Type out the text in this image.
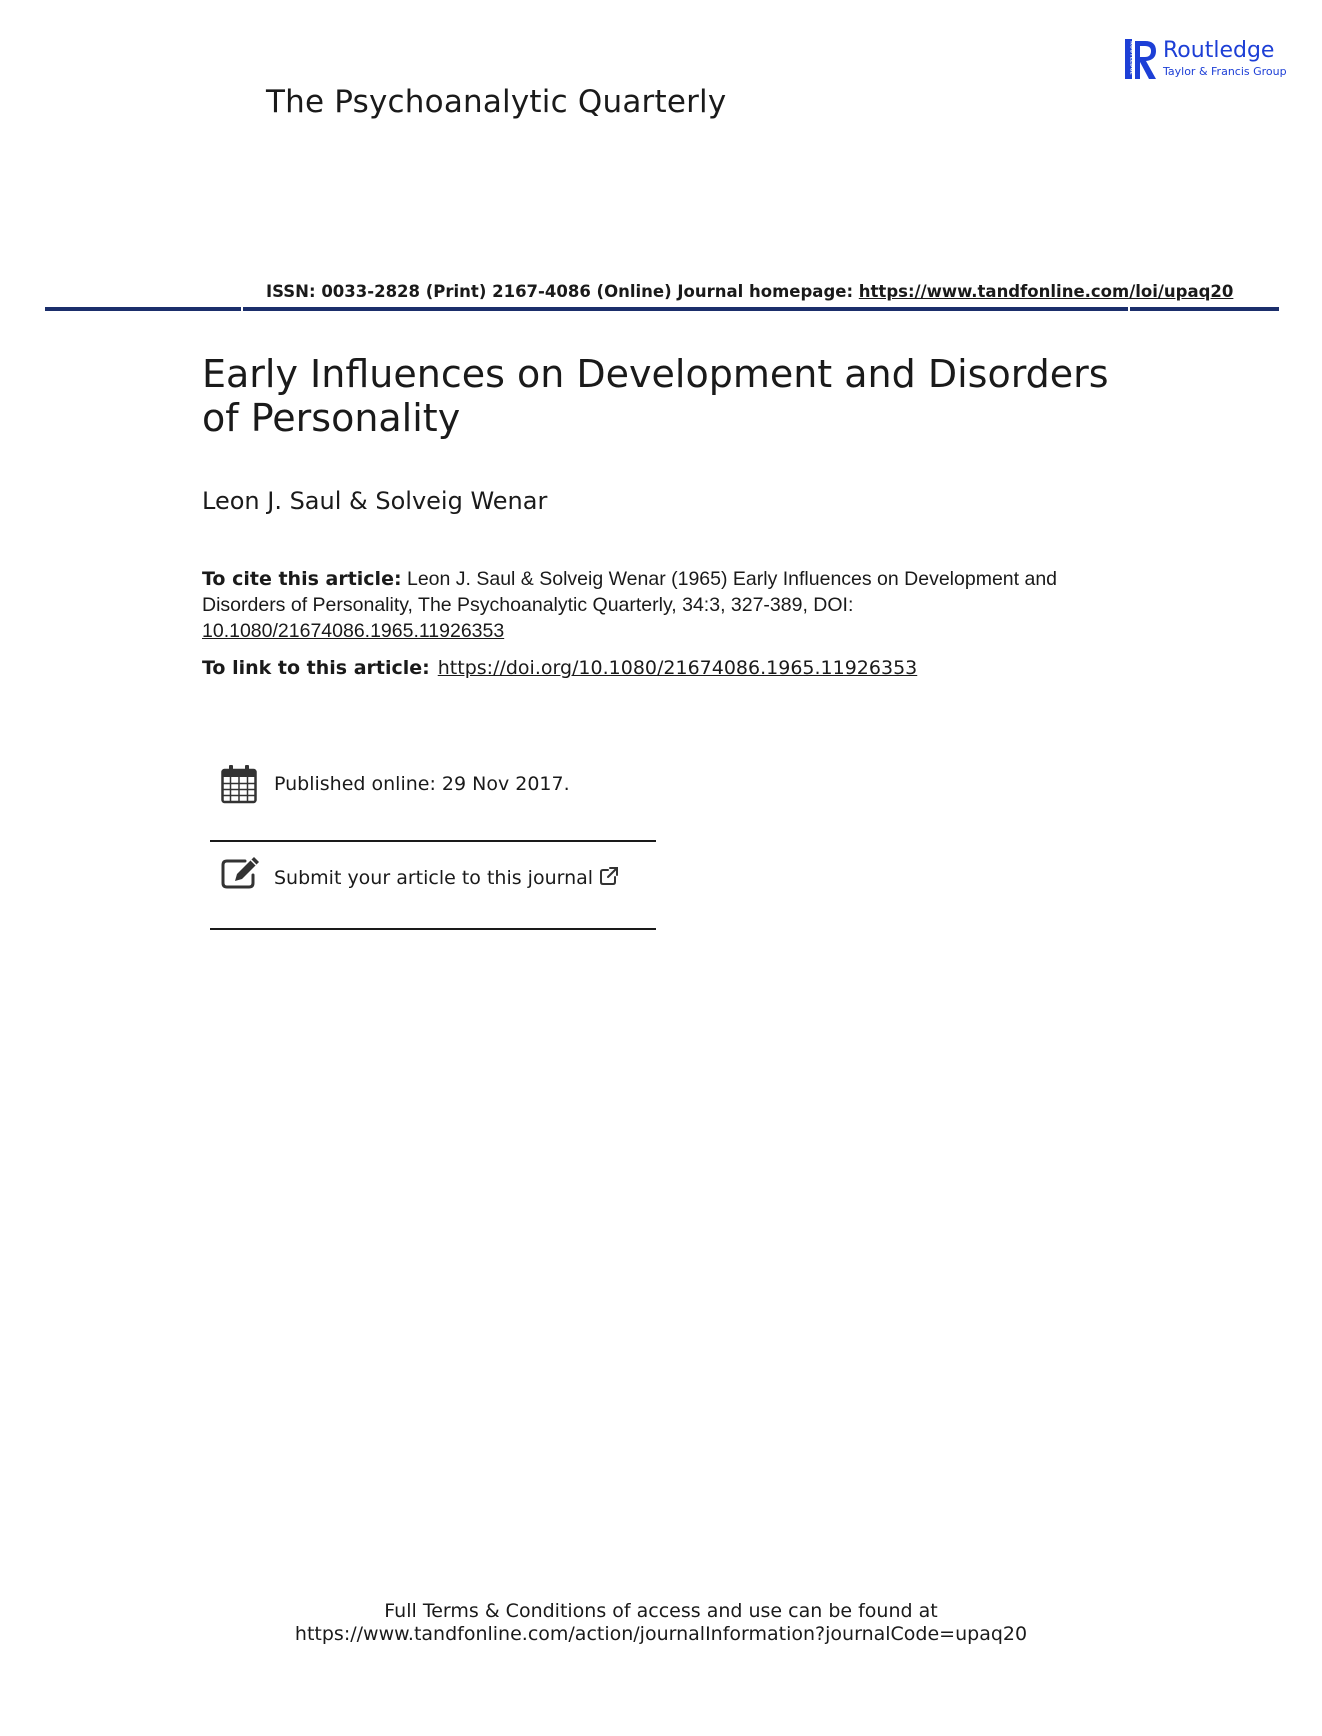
The Psychoanalytic Quarterly
ROUTLEDGE Routledge
Taylor & Francis Group
ISSN: 0033-2828 (Print) 2167-4086 (Online) Journal homepage: https://www.tandfonline.com/loi/upaq20
Early Influences on Development and Disorders of Personality
Leon J. Saul & Solveig Wenar
To cite this article: Leon J. Saul & Solveig Wenar (1965) Early Influences on Development and Disorders of Personality, The Psychoanalytic Quarterly, 34:3, 327-389, DOI: 10.1080/21674086.1965.11926353
To link to this article: https://doi.org/10.1080/21674086.1965.11926353
Published online: 29 Nov 2017.
Submit your article to this journal
Full Terms & Conditions of access and use can be found at
https://www.tandfonline.com/action/journalInformation?journalCode=upaq20
